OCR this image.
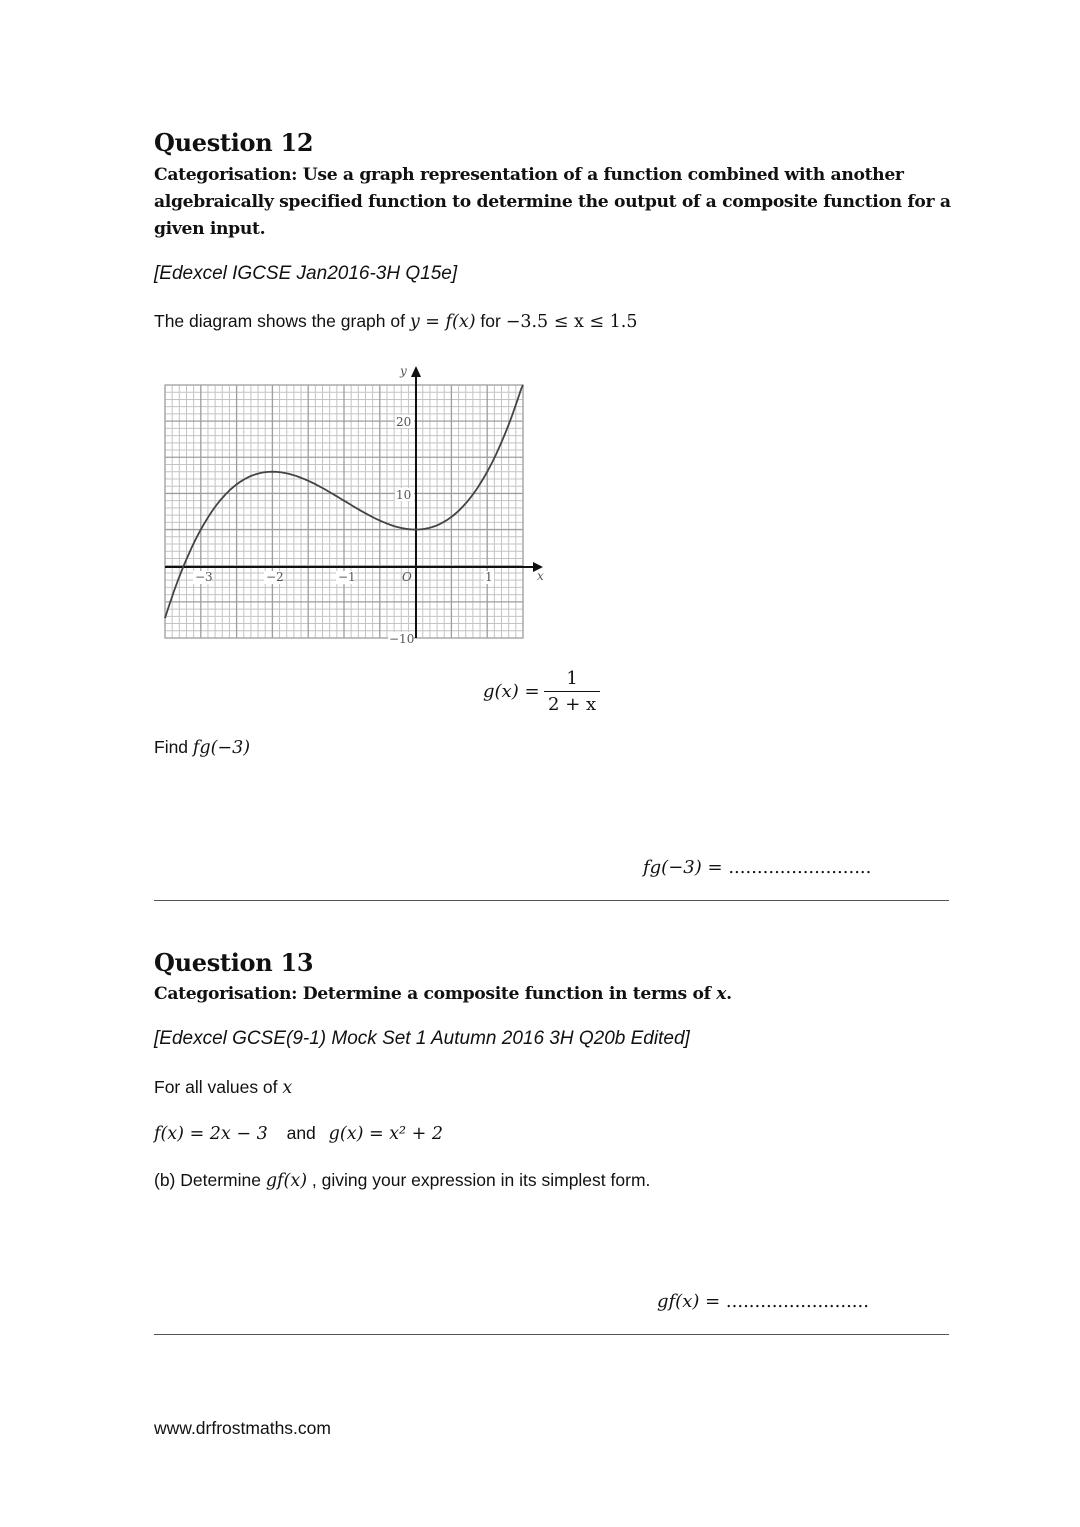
Question 12
Categorisation: Use a graph representation of a function combined with another algebraically specified function to determine the output of a composite function for a given input.
[Edexcel IGCSE Jan2016-3H Q15e]
The diagram shows the graph of y = f(x) for −3.5 ≤ x ≤ 1.5
x
y
O
−3	−2	−1	1
20
10
−10
$g(x) = \frac{1}{2 + x}$
Find fg(−3)
fg(−3) = .........................
Question 13
Categorisation: Determine a composite function in terms of x.
[Edexcel GCSE(9-1) Mock Set 1 Autumn 2016 3H Q20b Edited]
For all values of x
f(x) = 2x − 3 and g(x) = x² + 2
(b) Determine gf(x) , giving your expression in its simplest form.
gf(x) = .........................
www.drfrostmaths.com
